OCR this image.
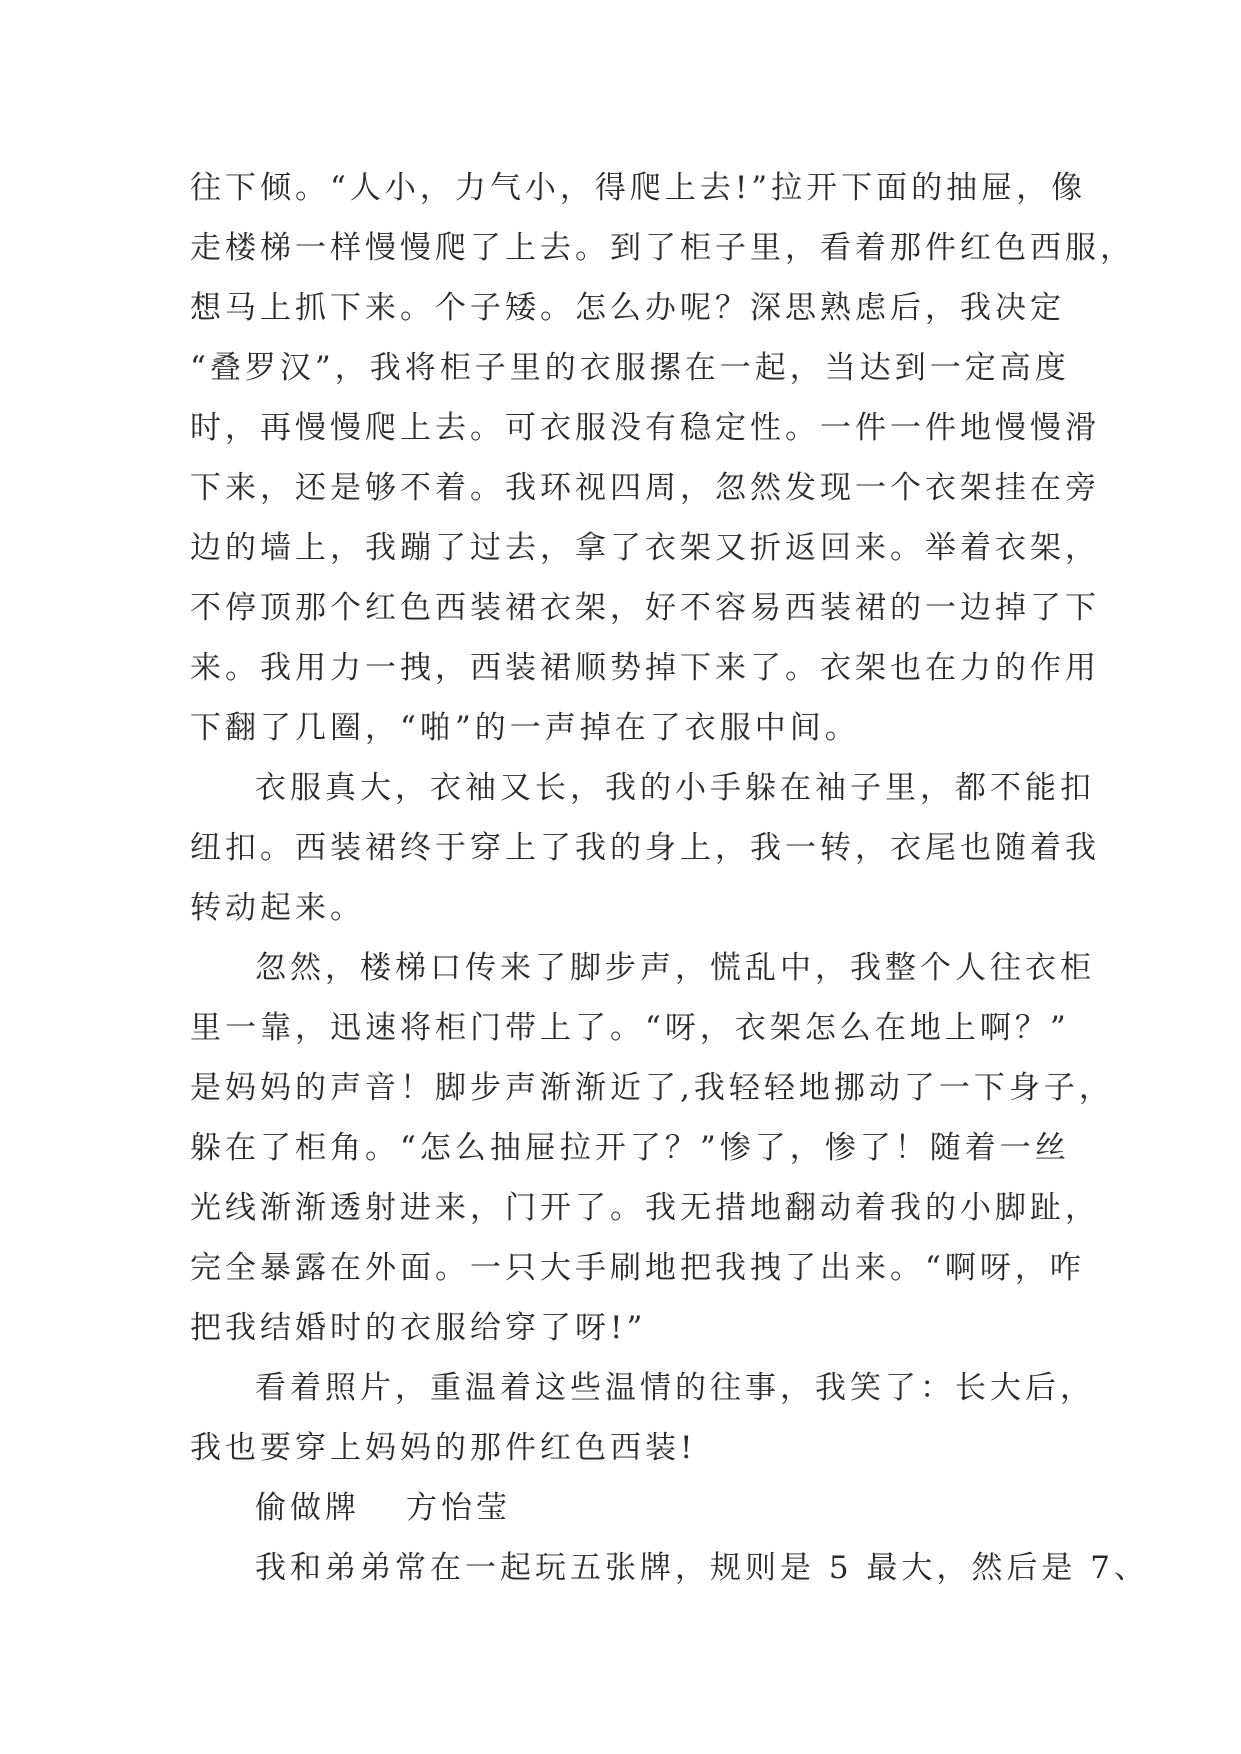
往下倾。“人小，力气小，得爬上去!”拉开下面的抽屉，像
走楼梯一样慢慢爬了上去。到了柜子里，看着那件红色西服，
想马上抓下来。个子矮。怎么办呢？深思熟虑后，我决定
“叠罗汉”，我将柜子里的衣服摞在一起，当达到一定高度
时，再慢慢爬上去。可衣服没有稳定性。一件一件地慢慢滑
下来，还是够不着。我环视四周，忽然发现一个衣架挂在旁
边的墙上，我蹦了过去，拿了衣架又折返回来。举着衣架，
不停顶那个红色西装裙衣架，好不容易西装裙的一边掉了下
来。我用力一拽，西装裙顺势掉下来了。衣架也在力的作用
下翻了几圈，“啪”的一声掉在了衣服中间。
衣服真大，衣袖又长，我的小手躲在袖子里，都不能扣
纽扣。西装裙终于穿上了我的身上，我一转，衣尾也随着我
转动起来。
忽然，楼梯口传来了脚步声，慌乱中，我整个人往衣柜
里一靠，迅速将柜门带上了。“呀，衣架怎么在地上啊？”
是妈妈的声音！脚步声渐渐近了,我轻轻地挪动了一下身子，
躲在了柜角。“怎么抽屉拉开了？”惨了，惨了！随着一丝
光线渐渐透射进来，门开了。我无措地翻动着我的小脚趾，
完全暴露在外面。一只大手刷地把我拽了出来。“啊呀，咋
把我结婚时的衣服给穿了呀!”
看着照片，重温着这些温情的往事，我笑了：长大后，
我也要穿上妈妈的那件红色西装!
偷做牌 方怡莹
我和弟弟常在一起玩五张牌，规则是 5 最大，然后是 7、
